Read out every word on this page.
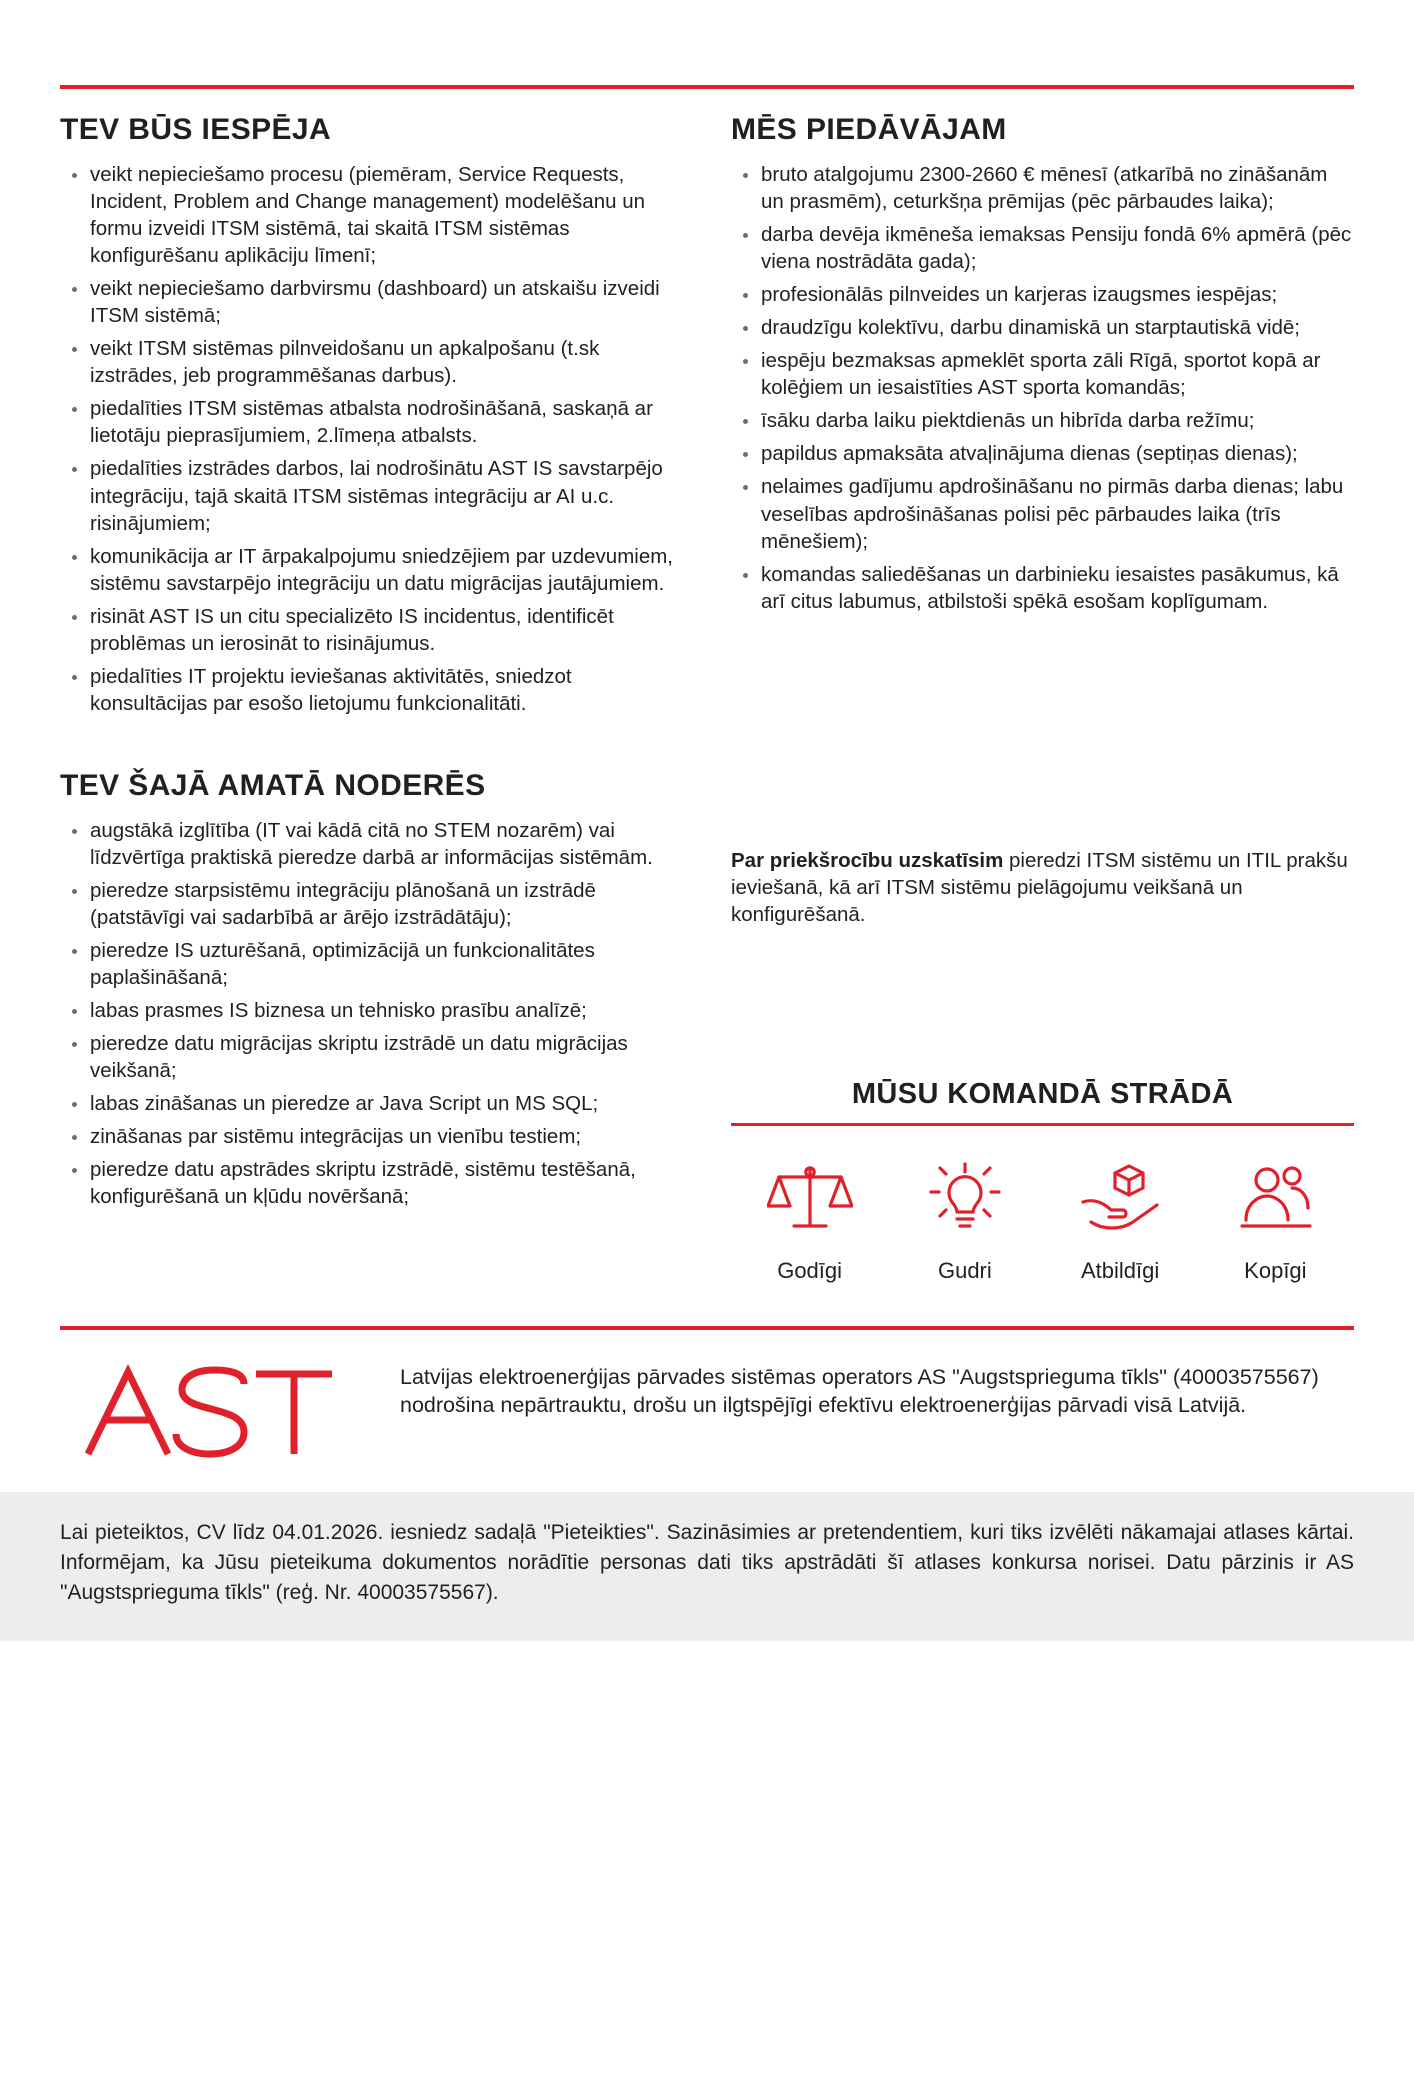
TEV BŪS IESPĒJA
veikt nepieciešamo procesu (piemēram, Service Requests, Incident, Problem and Change management) modelēšanu un formu izveidi ITSM sistēmā, tai skaitā ITSM sistēmas konfigurēšanu aplikāciju līmenī;
veikt nepieciešamo darbvirsmu (dashboard) un atskaišu izveidi ITSM sistēmā;
veikt ITSM sistēmas pilnveidošanu un apkalpošanu (t.sk izstrādes, jeb programmēšanas darbus).
piedalīties ITSM sistēmas atbalsta nodrošināšanā, saskaņā ar lietotāju pieprasījumiem, 2.līmeņa atbalsts.
piedalīties izstrādes darbos, lai nodrošinātu AST IS savstarpējo integrāciju, tajā skaitā ITSM sistēmas integrāciju ar AI u.c. risinājumiem;
komunikācija ar IT ārpakalpojumu sniedzējiem par uzdevumiem, sistēmu savstarpējo integrāciju un datu migrācijas jautājumiem.
risināt AST IS un citu specializēto IS incidentus, identificēt problēmas un ierosināt to risinājumus.
piedalīties IT projektu ieviešanas aktivitātēs, sniedzot konsultācijas par esošo lietojumu funkcionalitāti.
MĒS PIEDĀVĀJAM
bruto atalgojumu 2300-2660 € mēnesī (atkarībā no zināšanām un prasmēm), ceturkšņa prēmijas (pēc pārbaudes laika);
darba devēja ikmēneša iemaksas Pensiju fondā 6% apmērā (pēc viena nostrādāta gada);
profesionālās pilnveides un karjeras izaugsmes iespējas;
draudzīgu kolektīvu, darbu dinamiskā un starptautiskā vidē;
iespēju bezmaksas apmeklēt sporta zāli Rīgā, sportot kopā ar kolēģiem un iesaistīties AST sporta komandās;
īsāku darba laiku piektdienās un hibrīda darba režīmu;
papildus apmaksāta atvaļinājuma dienas (septiņas dienas);
nelaimes gadījumu apdrošināšanu no pirmās darba dienas; labu veselības apdrošināšanas polisi pēc pārbaudes laika (trīs mēnešiem);
komandas saliedēšanas un darbinieku iesaistes pasākumus, kā arī citus labumus, atbilstoši spēkā esošam koplīgumam.
TEV ŠAJĀ AMATĀ NODERĒS
augstākā izglītība (IT vai kādā citā no STEM nozarēm) vai līdzvērtīga praktiskā pieredze darbā ar informācijas sistēmām.
pieredze starpsistēmu integrāciju plānošanā un izstrādē (patstāvīgi vai sadarbībā ar ārējo izstrādātāju);
pieredze IS uzturēšanā, optimizācijā un funkcionalitātes paplašināšanā;
labas prasmes IS biznesa un tehnisko prasību analīzē;
pieredze datu migrācijas skriptu izstrādē un datu migrācijas veikšanā;
labas zināšanas un pieredze ar Java Script un MS SQL;
zināšanas par sistēmu integrācijas un vienību testiem;
pieredze datu apstrādes skriptu izstrādē, sistēmu testēšanā, konfigurēšanā un kļūdu novēršanā;
Par priekšrocību uzskatīsim pieredzi ITSM sistēmu un ITIL prakšu ieviešanā, kā arī ITSM sistēmu pielāgojumu veikšanā un konfigurēšanā.
MŪSU KOMANDĀ STRĀDĀ
Godīgi	Gudri	Atbildīgi	Kopīgi
Latvijas elektroenerģijas pārvades sistēmas operators AS "Augstsprieguma tīkls" (40003575567) nodrošina nepārtrauktu, drošu un ilgtspējīgi efektīvu elektroenerģijas pārvadi visā Latvijā.
Lai pieteiktos, CV līdz 04.01.2026. iesniedz sadaļā "Pieteikties". Sazināsimies ar pretendentiem, kuri tiks izvēlēti nākamajai atlases kārtai. Informējam, ka Jūsu pieteikuma dokumentos norādītie personas dati tiks apstrādāti šī atlases konkursa norisei. Datu pārzinis ir AS "Augstsprieguma tīkls" (reģ. Nr. 40003575567).
